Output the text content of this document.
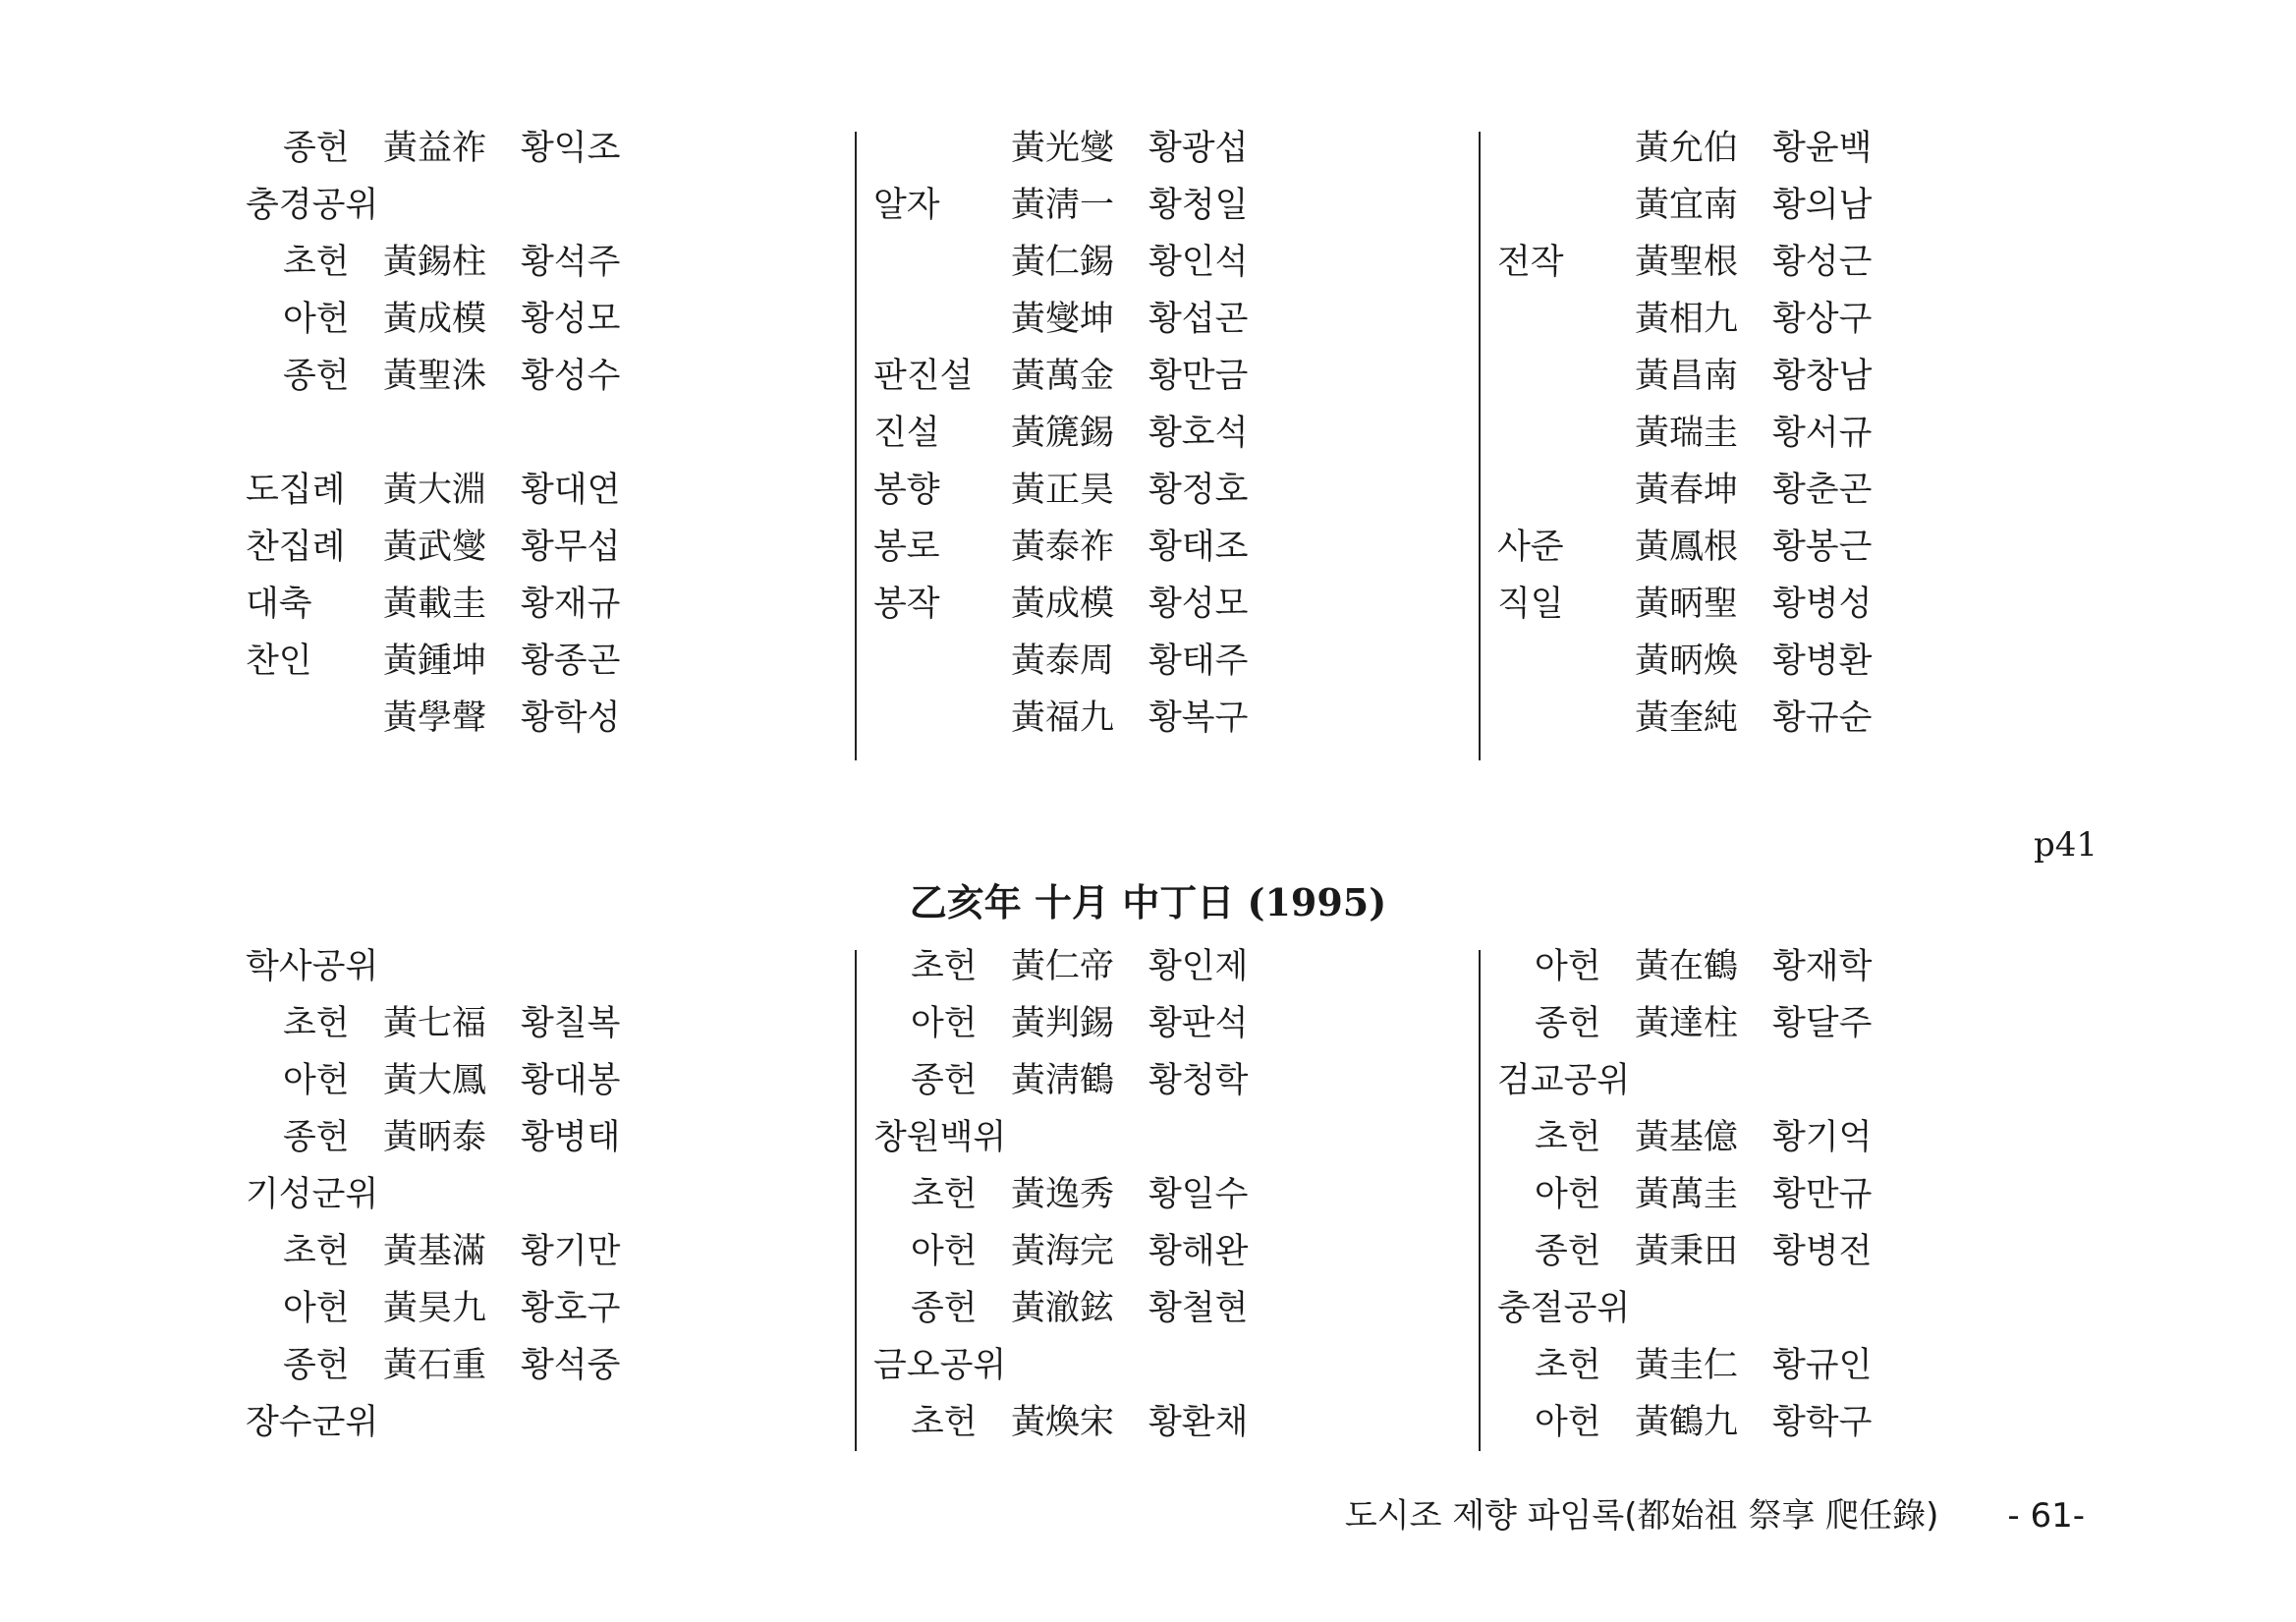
종헌 黃益祚 황익조
충경공위
초헌 黃錫柱 황석주
아헌 黃成模 황성모
종헌 黃聖洙 황성수
도집례 黃大淵 황대연
찬집례 黃武燮 황무섭
대축 黃載圭 황재규
찬인 黃鍾坤 황종곤
黃學聲 황학성
黃光燮 황광섭
알자 黃淸一 황청일
黃仁錫 황인석
黃燮坤 황섭곤
판진설 黃萬金 황만금
진설 黃篪錫 황호석
봉향 黃正昊 황정호
봉로 黃泰祚 황태조
봉작 黃成模 황성모
黃泰周 황태주
黃福九 황복구
黃允伯 황윤백
黃宜南 황의남
전작 黃聖根 황성근
黃相九 황상구
黃昌南 황창남
黃瑞圭 황서규
黃春坤 황춘곤
사준 黃鳳根 황봉근
직일 黃昞聖 황병성
黃昞煥 황병환
黃奎純 황규순
p41
乙亥年 十月 中丁日 (1995)
학사공위
초헌 黃七福 황칠복
아헌 黃大鳳 황대봉
종헌 黃昞泰 황병태
기성군위
초헌 黃基滿 황기만
아헌 黃昊九 황호구
종헌 黃石重 황석중
장수군위
초헌 黃仁帝 황인제
아헌 黃判錫 황판석
종헌 黃淸鶴 황청학
창원백위
초헌 黃逸秀 황일수
아헌 黃海完 황해완
종헌 黃澈鉉 황철현
금오공위
초헌 黃煥宋 황환채
아헌 黃在鶴 황재학
종헌 黃達柱 황달주
검교공위
초헌 黃基億 황기억
아헌 黃萬圭 황만규
종헌 黃秉田 황병전
충절공위
초헌 黃圭仁 황규인
아헌 黃鶴九 황학구
도시조 제향 파임록(都始祖 祭享 爬任錄) - 61-
